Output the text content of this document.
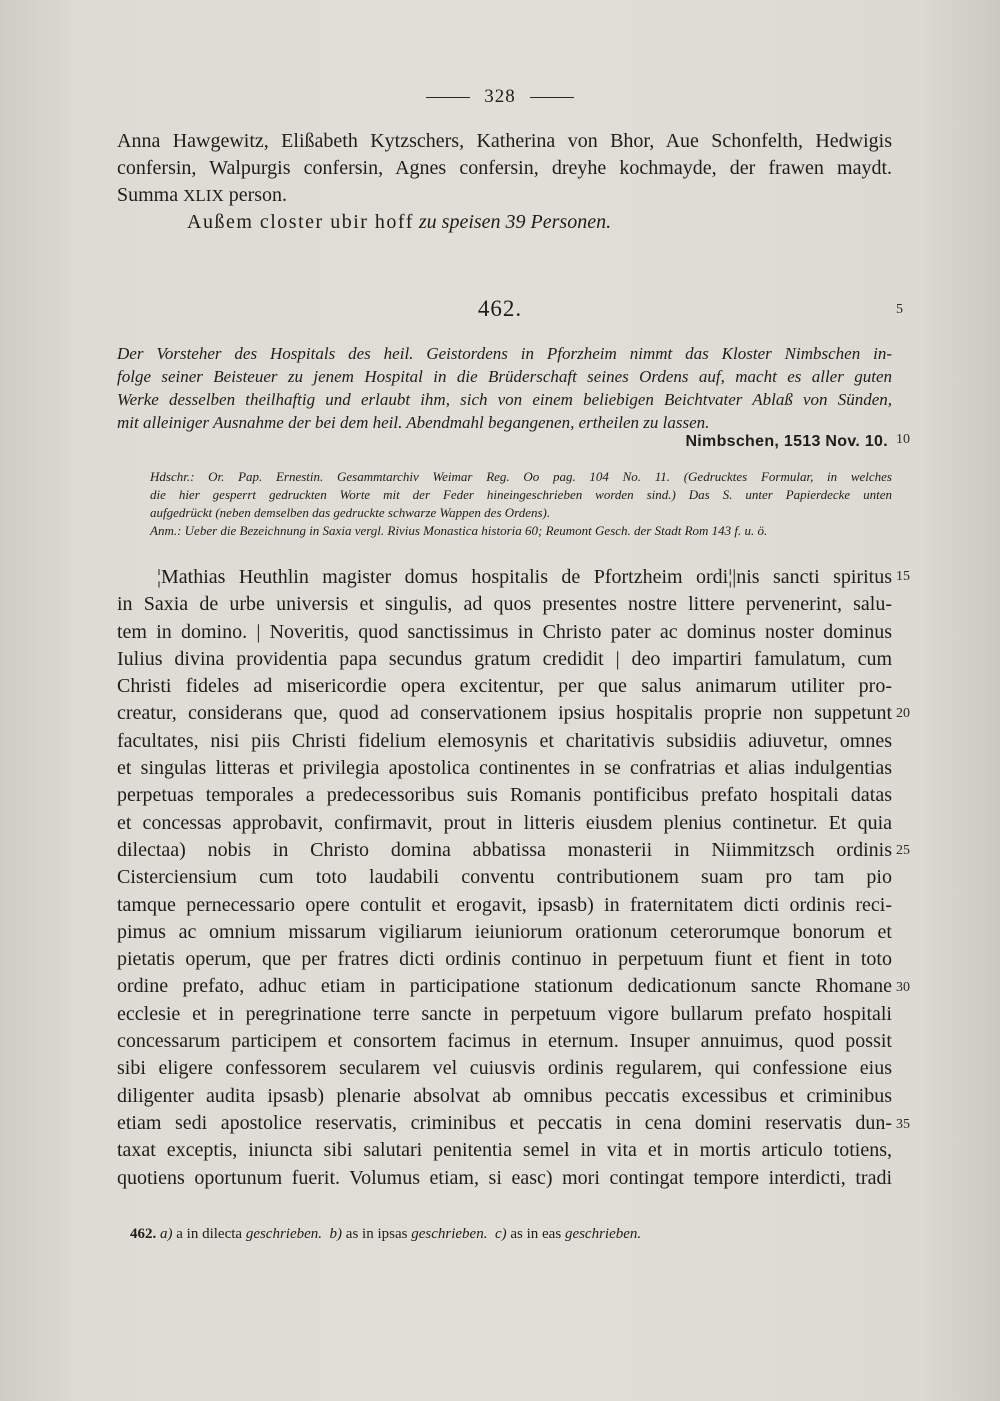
328
Anna Hawgewitz, Elißabeth Kytzschers, Katherina von Bhor, Aue Schonfelth, Hedwigis
confersin, Walpurgis confersin, Agnes confersin, dreyhe kochmayde, der frawen maydt.
Summa XLIX person.
Außem closter ubir hoff zu speisen 39 Personen.
462.
Der Vorsteher des Hospitals des heil. Geistordens in Pforzheim nimmt das Kloster Nimbschen in-
folge seiner Beisteuer zu jenem Hospital in die Brüderschaft seines Ordens auf, macht es aller guten
Werke desselben theilhaftig und erlaubt ihm, sich von einem beliebigen Beichtvater Ablaß von Sünden,
mit alleiniger Ausnahme der bei dem heil. Abendmahl begangenen, ertheilen zu lassen.
Nimbschen, 1513 Nov. 10.
Hdschr.: Or. Pap. Ernestin. Gesammtarchiv Weimar Reg. Oo pag. 104 No. 11. (Gedrucktes Formular, in welches
die hier gesperrt gedruckten Worte mit der Feder hineingeschrieben worden sind.) Das S. unter Papierdecke unten
aufgedrückt (neben demselben das gedruckte schwarze Wappen des Ordens).
Anm.: Ueber die Bezeichnung in Saxia vergl. Rivius Monastica historia 60; Reumont Gesch. der Stadt Rom 143 f. u. ö.
¦Mathias Heuthlin magister domus hospitalis de Pfortzheim ordi¦|nis sancti spiritus
in Saxia de urbe universis et singulis, ad quos presentes nostre littere pervenerint, salu-
tem in domino. | Noveritis, quod sanctissimus in Christo pater ac dominus noster dominus
Iulius divina providentia papa secundus gratum credidit | deo impartiri famulatum, cum
Christi fideles ad misericordie opera excitentur, per que salus animarum utiliter pro-
creatur, considerans que, quod ad conservationem ipsius hospitalis proprie non suppetunt
facultates, nisi piis Christi fidelium elemosynis et charitativis subsidiis adiuvetur, omnes
et singulas litteras et privilegia apostolica continentes in se confratrias et alias indulgentias
perpetuas temporales a predecessoribus suis Romanis pontificibus prefato hospitali datas
et concessas approbavit, confirmavit, prout in litteris eiusdem plenius continetur. Et quia
dilectaa) nobis in Christo domina abbatissa monasterii in Niimmitzsch ordinis
Cisterciensium cum toto laudabili conventu contributionem suam pro tam pio
tamque pernecessario opere contulit et erogavit, ipsasb) in fraternitatem dicti ordinis reci-
pimus ac omnium missarum vigiliarum ieiuniorum orationum ceterorumque bonorum et
pietatis operum, que per fratres dicti ordinis continuo in perpetuum fiunt et fient in toto
ordine prefato, adhuc etiam in participatione stationum dedicationum sancte Rhomane
ecclesie et in peregrinatione terre sancte in perpetuum vigore bullarum prefato hospitali
concessarum participem et consortem facimus in eternum. Insuper annuimus, quod possit
sibi eligere confessorem secularem vel cuiusvis ordinis regularem, qui confessione eius
diligenter audita ipsasb) plenarie absolvat ab omnibus peccatis excessibus et criminibus
etiam sedi apostolice reservatis, criminibus et peccatis in cena domini reservatis dun-
taxat exceptis, iniuncta sibi salutari penitentia semel in vita et in mortis articulo totiens,
quotiens oportunum fuerit. Volumus etiam, si easc) mori contingat tempore interdicti, tradi
5
10
15
20
25
30
35
462. a) a in dilecta geschrieben. b) as in ipsas geschrieben. c) as in eas geschrieben.
